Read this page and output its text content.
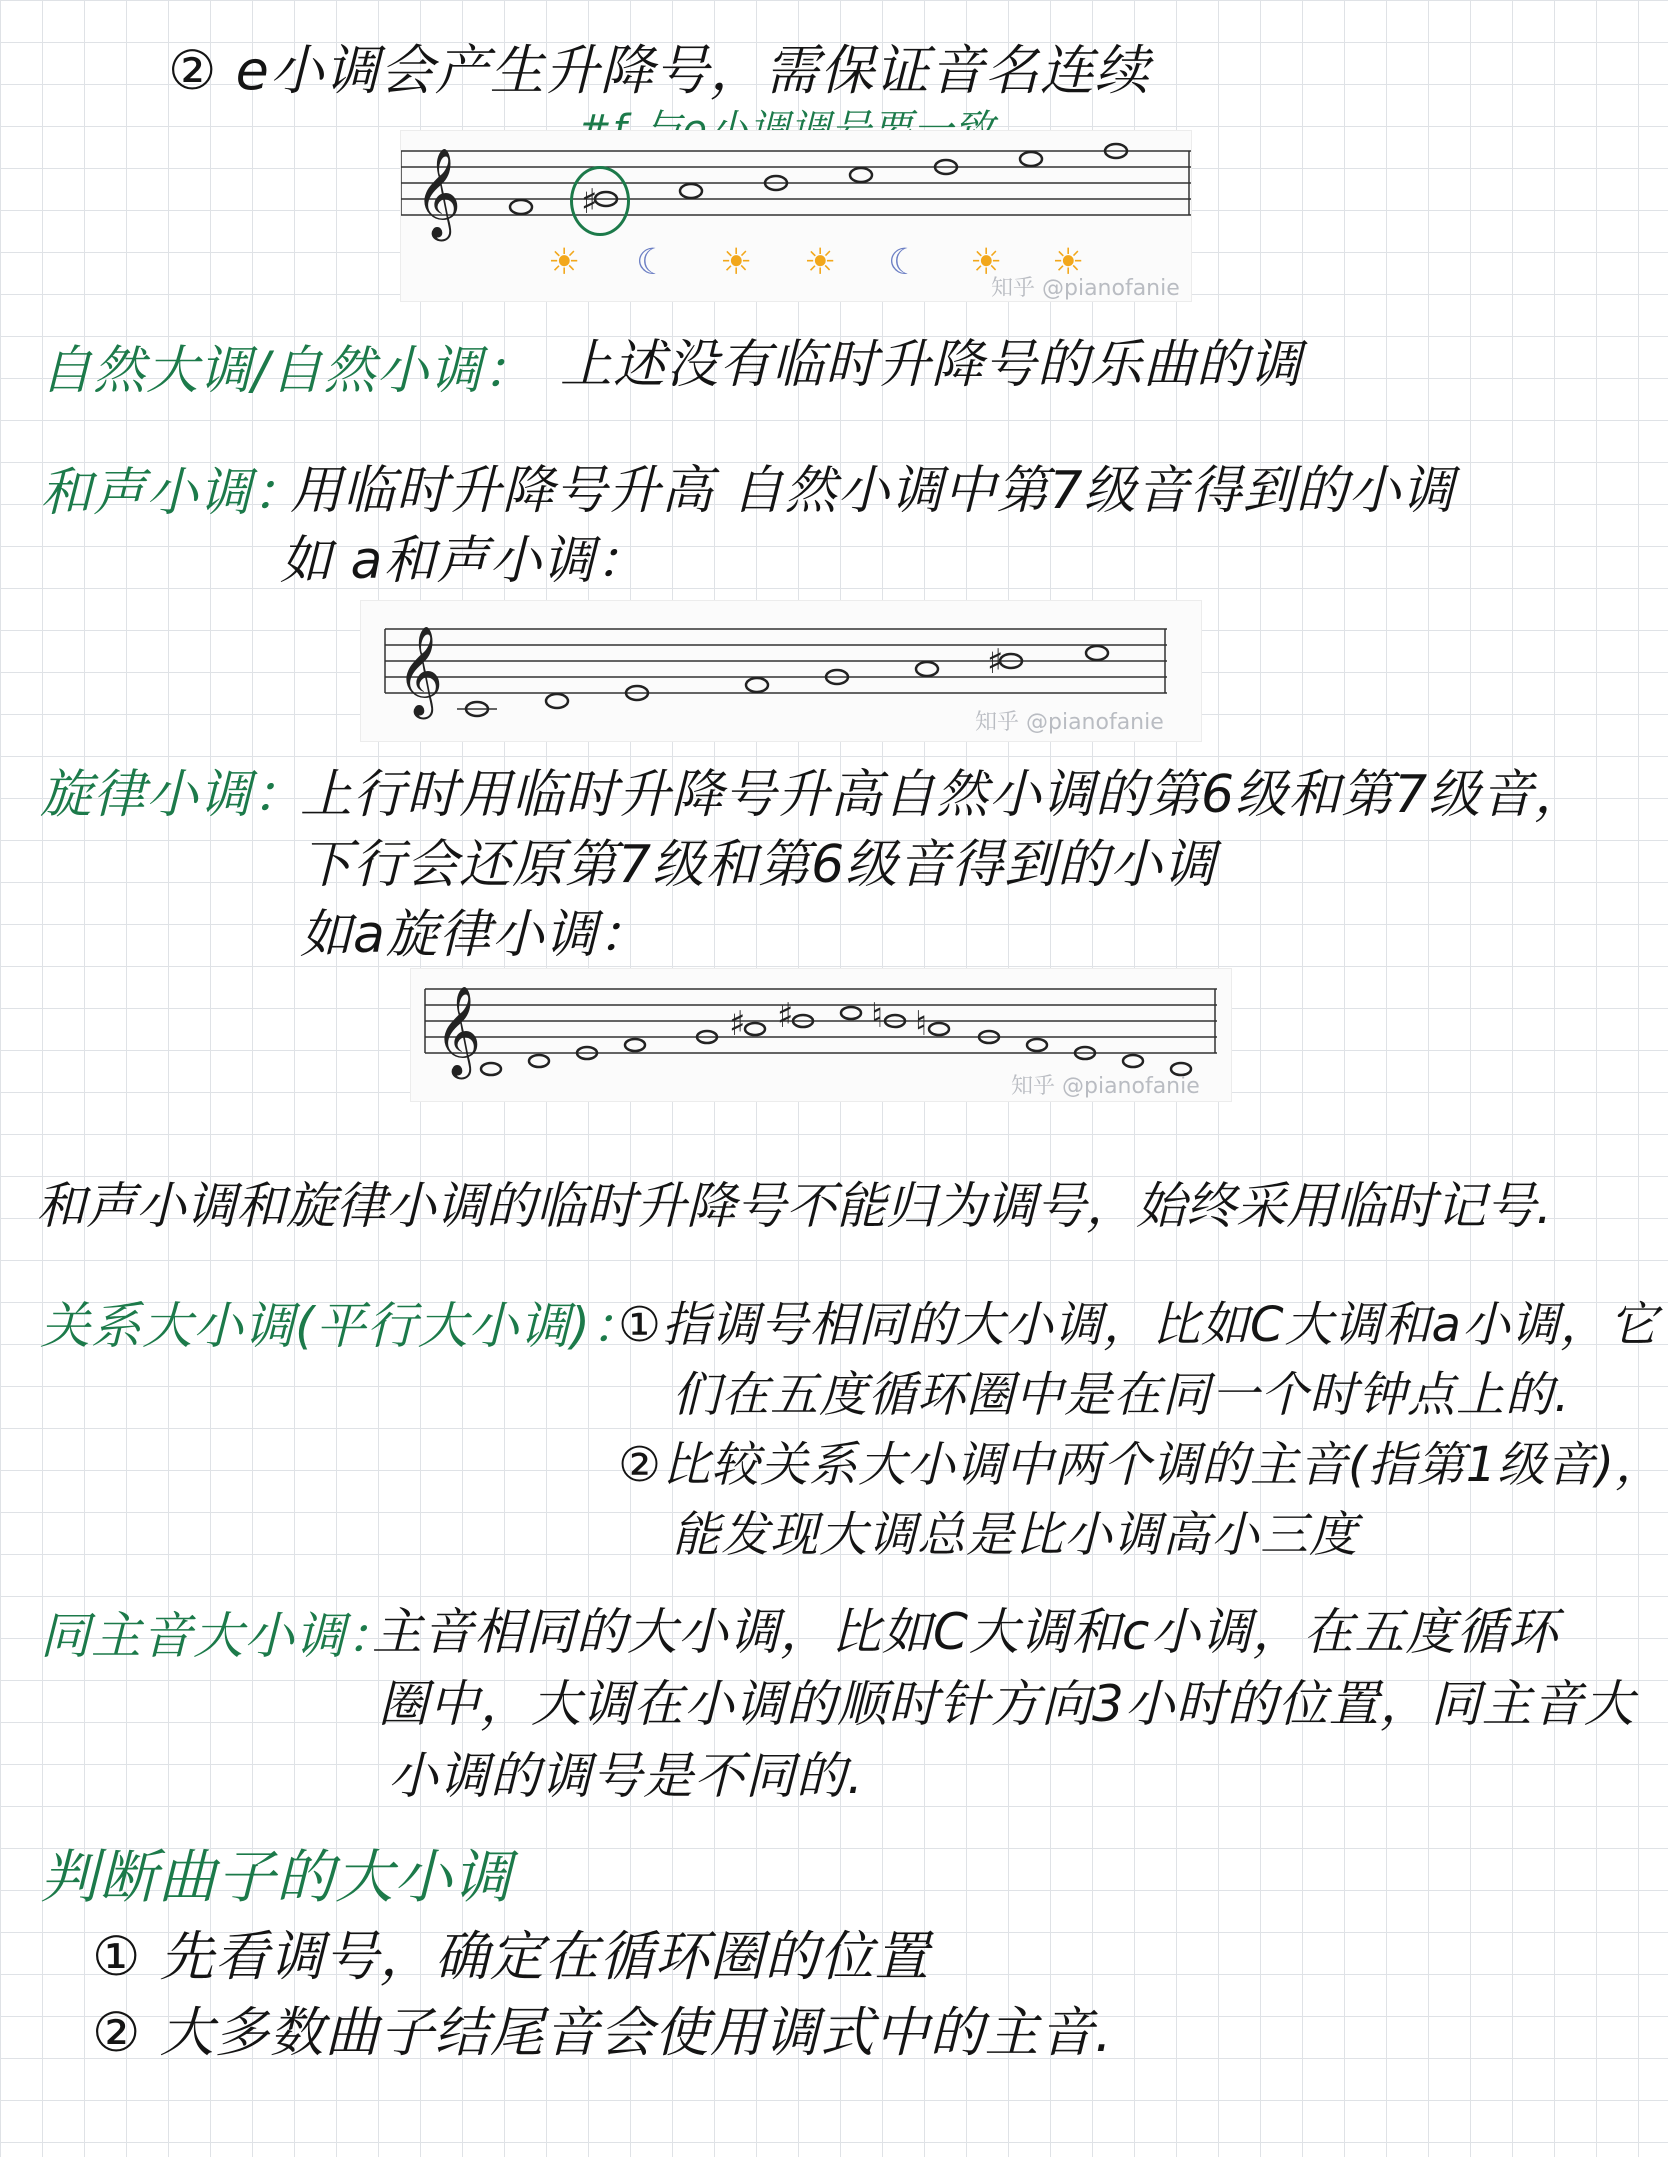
② e小调会产生升降号，需保证音名连续
𝄞	♯
知乎 @pianofanie
☀ ☾ ☀ ☀ ☾ ☀ ☀
自然大调/自然小调： 上述没有临时升降号的乐曲的调
和声小调：
用临时升降号升高 自然小调中第7级音得到的小调
如 a和声小调：
𝄞	♯
知乎 @pianofanie
旋律小调：
上行时用临时升降号升高自然小调的第6级和第7级音，
下行会还原第7级和第6级音得到的小调
如a旋律小调：
𝄞	♯ ♯ ♮ ♮
知乎 @pianofanie
和声小调和旋律小调的临时升降号不能归为调号，始终采用临时记号.
关系大小调(平行大小调)：
①指调号相同的大小调，比如C大调和a小调，它
们在五度循环圈中是在同一个时钟点上的.
②比较关系大小调中两个调的主音(指第1级音)，
能发现大调总是比小调高小三度
同主音大小调：
主音相同的大小调，比如C大调和c小调，在五度循环
圈中，大调在小调的顺时针方向3小时的位置，同主音大
小调的调号是不同的.
判断曲子的大小调
① 先看调号，确定在循环圈的位置
② 大多数曲子结尾音会使用调式中的主音.
